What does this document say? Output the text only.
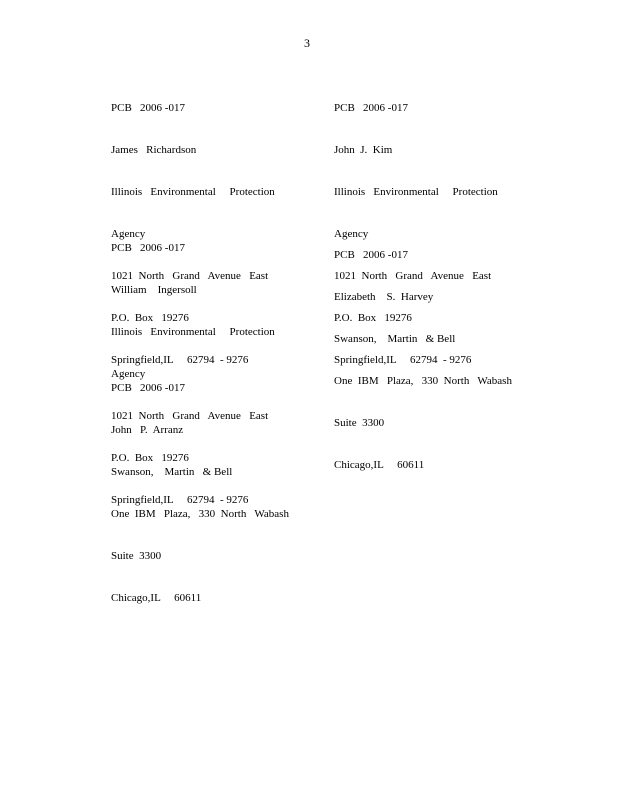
3

PCB   2006 -017

James   Richardson

Illinois   Environmental     Protection

Agency

1021  North   Grand   Avenue   East

P.O.  Box   19276

Springfield,IL     62794  - 9276

PCB   2006 -017

John  J.  Kim

Illinois   Environmental     Protection

Agency

1021  North   Grand   Avenue   East

P.O.  Box   19276

Springfield,IL     62794  - 9276

PCB   2006 -017

William    Ingersoll

Illinois   Environmental     Protection

Agency

1021  North   Grand   Avenue   East

P.O.  Box   19276

Springfield,IL     62794  - 9276

PCB   2006 -017

Elizabeth    S.  Harvey

Swanson,    Martin   & Bell

One  IBM   Plaza,   330  North   Wabash

Suite  3300

Chicago,IL     60611

PCB   2006 -017

John   P.  Arranz

Swanson,    Martin   & Bell

One  IBM   Plaza,   330  North   Wabash

Suite  3300

Chicago,IL     60611
